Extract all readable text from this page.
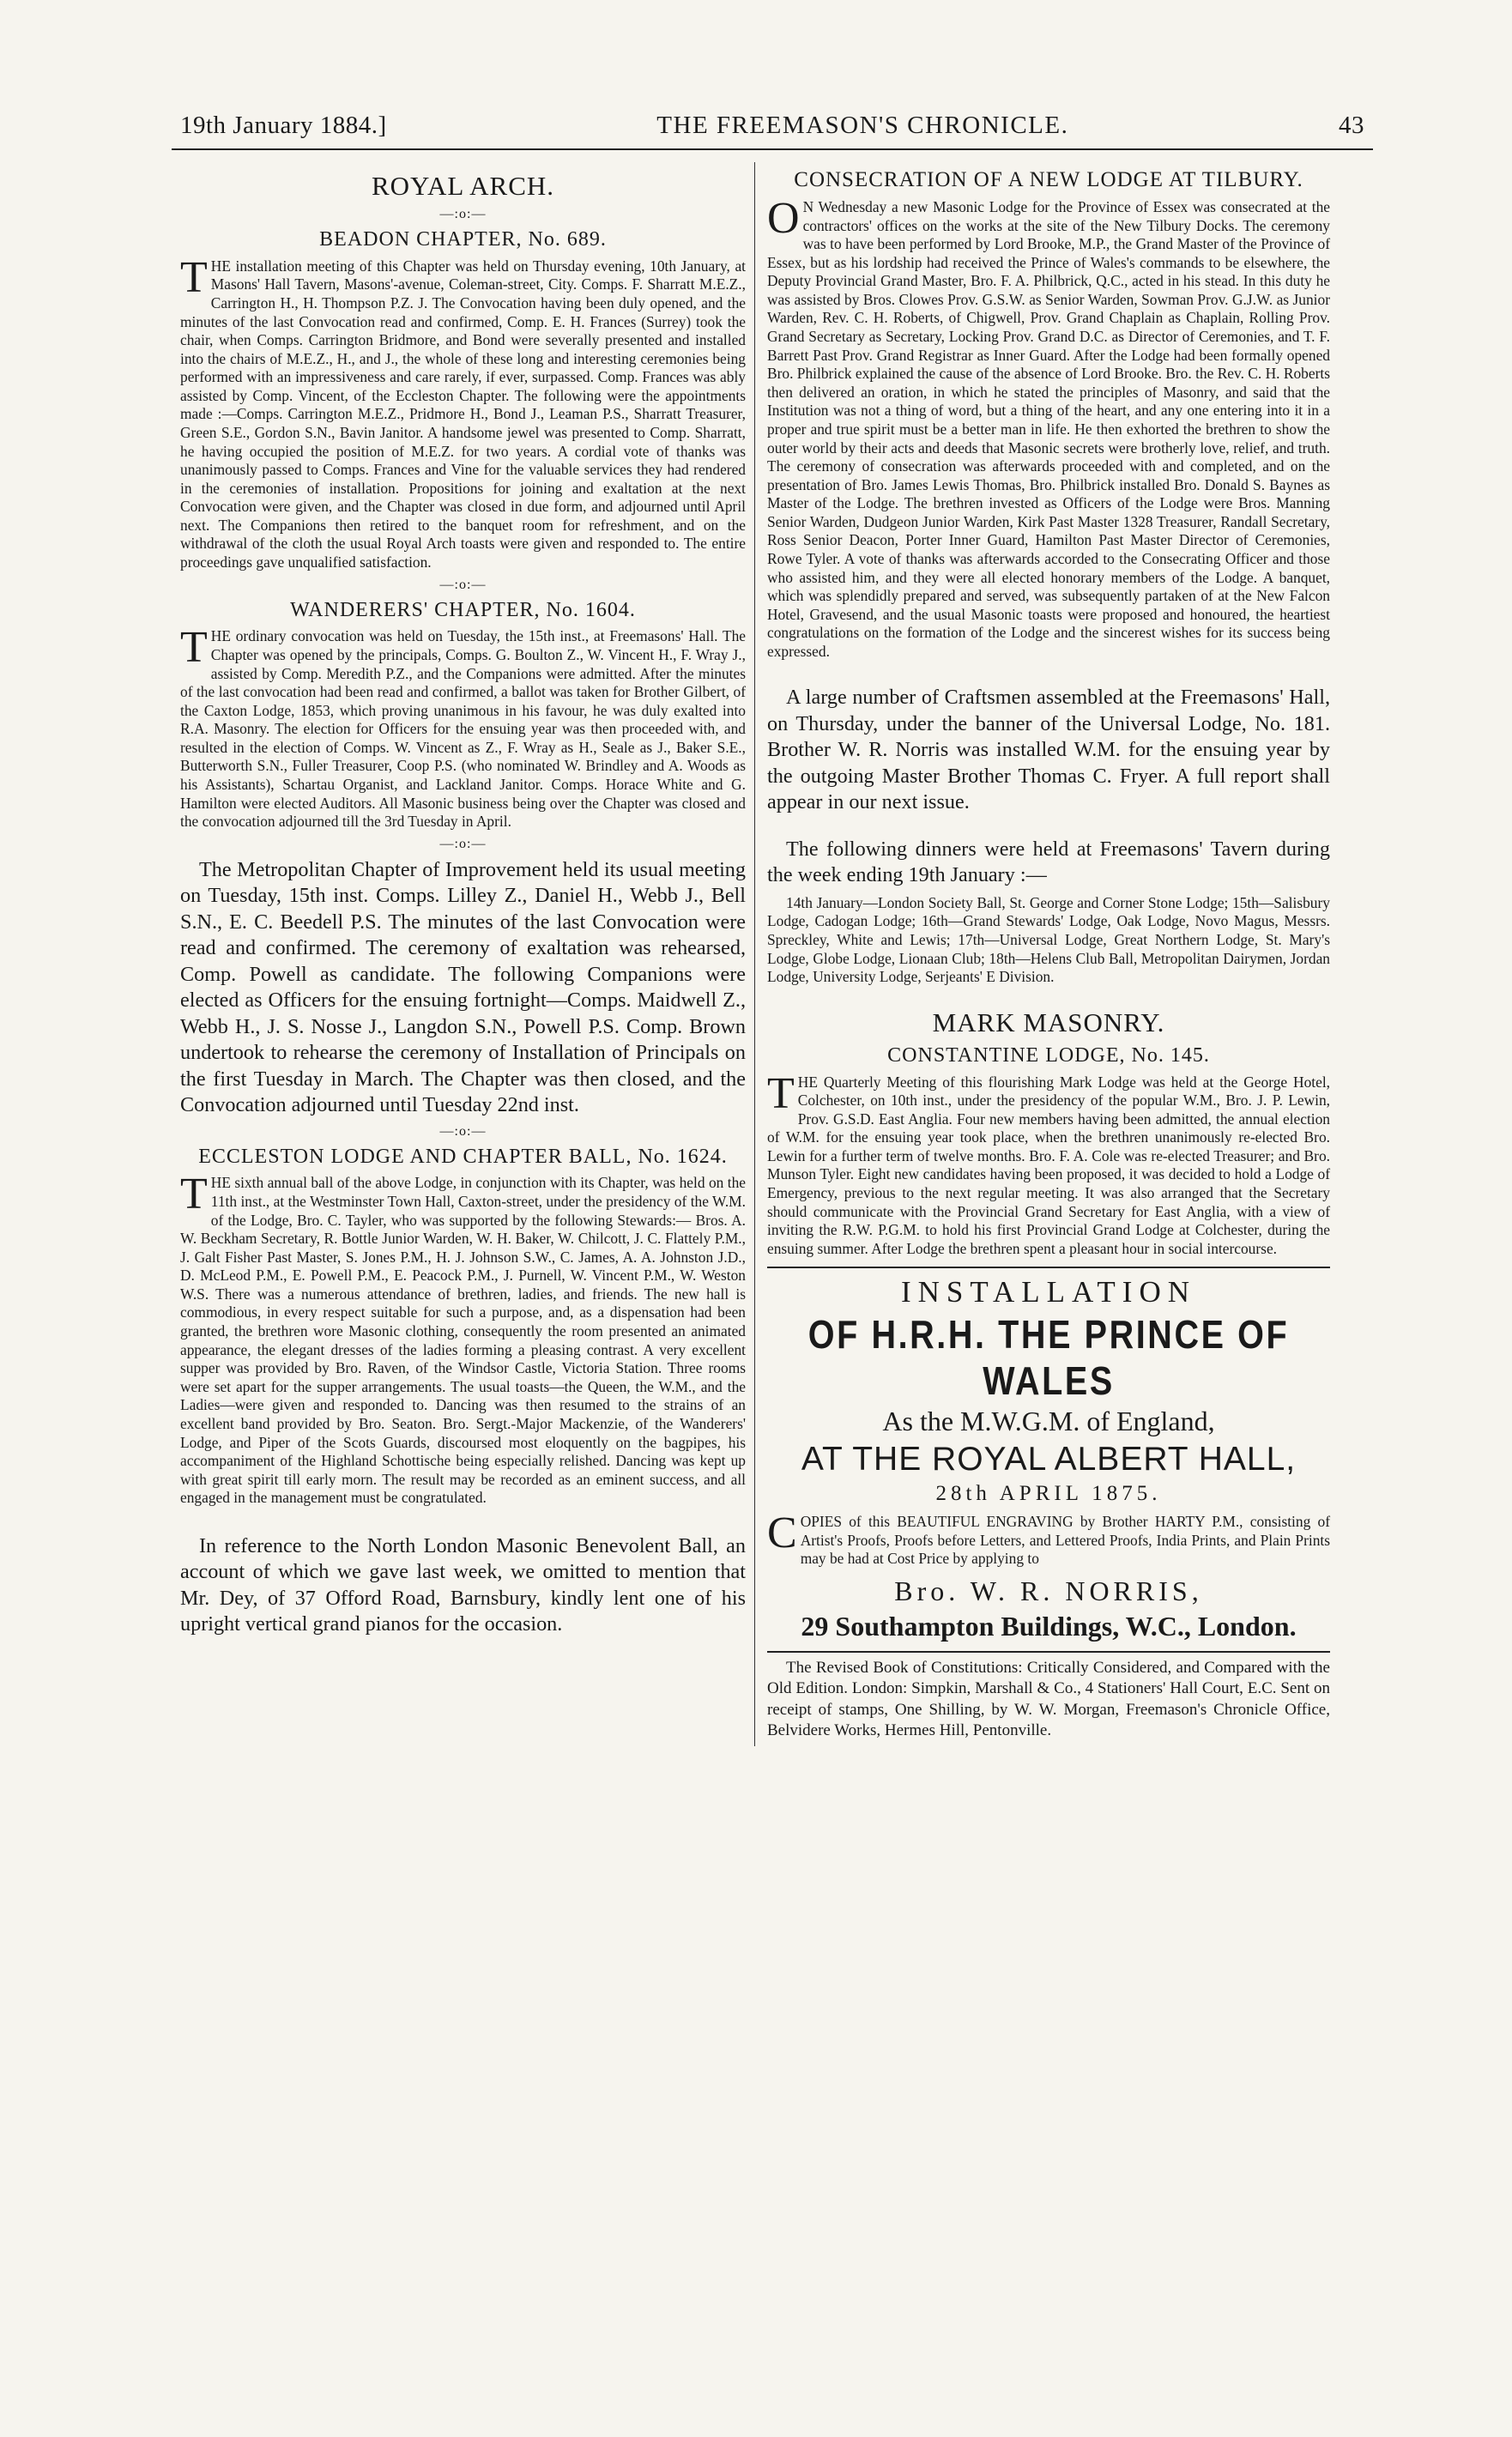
19th January 1884.]	THE FREEMASON'S CHRONICLE.	43
ROYAL ARCH.
—:o:—
BEADON CHAPTER, No. 689.

THE installation meeting of this Chapter was held on Thursday evening, 10th January, at Masons' Hall Tavern, Masons'-avenue, Coleman-street, City. Comps. F. Sharratt M.E.Z., Carrington H., H. Thompson P.Z. J. The Convocation having been duly opened, and the minutes of the last Convocation read and confirmed, Comp. E. H. Frances (Surrey) took the chair, when Comps. Carrington Bridmore, and Bond were severally presented and installed into the chairs of M.E.Z., H., and J., the whole of these long and interesting ceremonies being performed with an impressiveness and care rarely, if ever, surpassed. Comp. Frances was ably assisted by Comp. Vincent, of the Eccleston Chapter. The following were the appointments made :—Comps. Carrington M.E.Z., Pridmore H., Bond J., Leaman P.S., Sharratt Treasurer, Green S.E., Gordon S.N., Bavin Janitor. A handsome jewel was presented to Comp. Sharratt, he having occupied the position of M.E.Z. for two years. A cordial vote of thanks was unanimously passed to Comps. Frances and Vine for the valuable services they had rendered in the ceremonies of installation. Propositions for joining and exaltation at the next Convocation were given, and the Chapter was closed in due form, and adjourned until April next. The Companions then retired to the banquet room for refreshment, and on the withdrawal of the cloth the usual Royal Arch toasts were given and responded to. The entire proceedings gave unqualified satisfaction.

—:o:—
WANDERERS' CHAPTER, No. 1604.

THE ordinary convocation was held on Tuesday, the 15th inst., at Freemasons' Hall. The Chapter was opened by the principals, Comps. G. Boulton Z., W. Vincent H., F. Wray J., assisted by Comp. Meredith P.Z., and the Companions were admitted. After the minutes of the last convocation had been read and confirmed, a ballot was taken for Brother Gilbert, of the Caxton Lodge, 1853, which proving unanimous in his favour, he was duly exalted into R.A. Masonry. The election for Officers for the ensuing year was then proceeded with, and resulted in the election of Comps. W. Vincent as Z., F. Wray as H., Seale as J., Baker S.E., Butterworth S.N., Fuller Treasurer, Coop P.S. (who nominated W. Brindley and A. Woods as his Assistants), Schartau Organist, and Lackland Janitor. Comps. Horace White and G. Hamilton were elected Auditors. All Masonic business being over the Chapter was closed and the convocation adjourned till the 3rd Tuesday in April.

—:o:—

The Metropolitan Chapter of Improvement held its usual meeting on Tuesday, 15th inst. Comps. Lilley Z., Daniel H., Webb J., Bell S.N., E. C. Beedell P.S. The minutes of the last Convocation were read and confirmed. The ceremony of exaltation was rehearsed, Comp. Powell as candidate. The following Companions were elected as Officers for the ensuing fortnight—Comps. Maidwell Z., Webb H., J. S. Nosse J., Langdon S.N., Powell P.S. Comp. Brown undertook to rehearse the ceremony of Installation of Principals on the first Tuesday in March. The Chapter was then closed, and the Convocation adjourned until Tuesday 22nd inst.

—:o:—
ECCLESTON LODGE AND CHAPTER BALL, No. 1624.

THE sixth annual ball of the above Lodge, in conjunction with its Chapter, was held on the 11th inst., at the Westminster Town Hall, Caxton-street, under the presidency of the W.M. of the Lodge, Bro. C. Tayler, who was supported by the following Stewards:— Bros. A. W. Beckham Secretary, R. Bottle Junior Warden, W. H. Baker, W. Chilcott, J. C. Flattely P.M., J. Galt Fisher Past Master, S. Jones P.M., H. J. Johnson S.W., C. James, A. A. Johnston J.D., D. McLeod P.M., E. Powell P.M., E. Peacock P.M., J. Purnell, W. Vincent P.M., W. Weston W.S. There was a numerous attendance of brethren, ladies, and friends. The new hall is commodious, in every respect suitable for such a purpose, and, as a dispensation had been granted, the brethren wore Masonic clothing, consequently the room presented an animated appearance, the elegant dresses of the ladies forming a pleasing contrast. A very excellent supper was provided by Bro. Raven, of the Windsor Castle, Victoria Station. Three rooms were set apart for the supper arrangements. The usual toasts—the Queen, the W.M., and the Ladies—were given and responded to. Dancing was then resumed to the strains of an excellent band provided by Bro. Seaton. Bro. Sergt.-Major Mackenzie, of the Wanderers' Lodge, and Piper of the Scots Guards, discoursed most eloquently on the bagpipes, his accompaniment of the Highland Schottische being especially relished. Dancing was kept up with great spirit till early morn. The result may be recorded as an eminent success, and all engaged in the management must be congratulated.

In reference to the North London Masonic Benevolent Ball, an account of which we gave last week, we omitted to mention that Mr. Dey, of 37 Offord Road, Barnsbury, kindly lent one of his upright vertical grand pianos for the occasion.

CONSECRATION OF A NEW LODGE AT TILBURY.

ON Wednesday a new Masonic Lodge for the Province of Essex was consecrated at the contractors' offices on the works at the site of the New Tilbury Docks. The ceremony was to have been performed by Lord Brooke, M.P., the Grand Master of the Province of Essex, but as his lordship had received the Prince of Wales's commands to be elsewhere, the Deputy Provincial Grand Master, Bro. F. A. Philbrick, Q.C., acted in his stead. In this duty he was assisted by Bros. Clowes Prov. G.S.W. as Senior Warden, Sowman Prov. G.J.W. as Junior Warden, Rev. C. H. Roberts, of Chigwell, Prov. Grand Chaplain as Chaplain, Rolling Prov. Grand Secretary as Secretary, Locking Prov. Grand D.C. as Director of Ceremonies, and T. F. Barrett Past Prov. Grand Registrar as Inner Guard. After the Lodge had been formally opened Bro. Philbrick explained the cause of the absence of Lord Brooke. Bro. the Rev. C. H. Roberts then delivered an oration, in which he stated the principles of Masonry, and said that the Institution was not a thing of word, but a thing of the heart, and any one entering into it in a proper and true spirit must be a better man in life. He then exhorted the brethren to show the outer world by their acts and deeds that Masonic secrets were brotherly love, relief, and truth. The ceremony of consecration was afterwards proceeded with and completed, and on the presentation of Bro. James Lewis Thomas, Bro. Philbrick installed Bro. Donald S. Baynes as Master of the Lodge. The brethren invested as Officers of the Lodge were Bros. Manning Senior Warden, Dudgeon Junior Warden, Kirk Past Master 1328 Treasurer, Randall Secretary, Ross Senior Deacon, Porter Inner Guard, Hamilton Past Master Director of Ceremonies, Rowe Tyler. A vote of thanks was afterwards accorded to the Consecrating Officer and those who assisted him, and they were all elected honorary members of the Lodge. A banquet, which was splendidly prepared and served, was subsequently partaken of at the New Falcon Hotel, Gravesend, and the usual Masonic toasts were proposed and honoured, the heartiest congratulations on the formation of the Lodge and the sincerest wishes for its success being expressed.

A large number of Craftsmen assembled at the Freemasons' Hall, on Thursday, under the banner of the Universal Lodge, No. 181. Brother W. R. Norris was installed W.M. for the ensuing year by the outgoing Master Brother Thomas C. Fryer. A full report shall appear in our next issue.

The following dinners were held at Freemasons' Tavern during the week ending 19th January :—

14th January—London Society Ball, St. George and Corner Stone Lodge; 15th—Salisbury Lodge, Cadogan Lodge; 16th—Grand Stewards' Lodge, Oak Lodge, Novo Magus, Messrs. Spreckley, White and Lewis; 17th—Universal Lodge, Great Northern Lodge, St. Mary's Lodge, Globe Lodge, Lionaan Club; 18th—Helens Club Ball, Metropolitan Dairymen, Jordan Lodge, University Lodge, Serjeants' E Division.

MARK MASONRY.
CONSTANTINE LODGE, No. 145.

THE Quarterly Meeting of this flourishing Mark Lodge was held at the George Hotel, Colchester, on 10th inst., under the presidency of the popular W.M., Bro. J. P. Lewin, Prov. G.S.D. East Anglia. Four new members having been admitted, the annual election of W.M. for the ensuing year took place, when the brethren unanimously re-elected Bro. Lewin for a further term of twelve months. Bro. F. A. Cole was re-elected Treasurer; and Bro. Munson Tyler. Eight new candidates having been proposed, it was decided to hold a Lodge of Emergency, previous to the next regular meeting. It was also arranged that the Secretary should communicate with the Provincial Grand Secretary for East Anglia, with a view of inviting the R.W. P.G.M. to hold his first Provincial Grand Lodge at Colchester, during the ensuing summer. After Lodge the brethren spent a pleasant hour in social intercourse.

INSTALLATION
OF H.R.H. THE PRINCE OF WALES
As the M.W.G.M. of England,
AT THE ROYAL ALBERT HALL,
28th APRIL 1875.

COPIES of this BEAUTIFUL ENGRAVING by Brother HARTY P.M., consisting of Artist's Proofs, Proofs before Letters, and Lettered Proofs, India Prints, and Plain Prints may be had at Cost Price by applying to

Bro. W. R. NORRIS,
29 Southampton Buildings, W.C., London.

The Revised Book of Constitutions: Critically Considered, and Compared with the Old Edition. London: Simpkin, Marshall & Co., 4 Stationers' Hall Court, E.C. Sent on receipt of stamps, One Shilling, by W. W. Morgan, Freemason's Chronicle Office, Belvidere Works, Hermes Hill, Pentonville.
